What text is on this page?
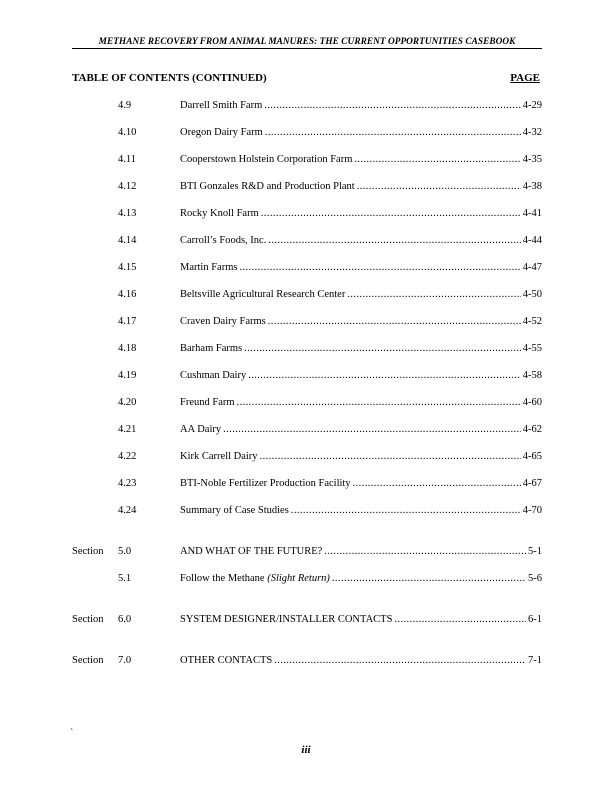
METHANE RECOVERY FROM ANIMAL MANURES: THE CURRENT OPPORTUNITIES CASEBOOK
TABLE OF CONTENTS (CONTINUED)	PAGE
4.9	Darrell Smith Farm .....	4-29
4.10	Oregon Dairy Farm .....	4-32
4.11	Cooperstown Holstein Corporation Farm .....	4-35
4.12	BTI Gonzales R&D and Production Plant .....	4-38
4.13	Rocky Knoll Farm .....	4-41
4.14	Carroll’s Foods, Inc. .....	4-44
4.15	Martin Farms .....	4-47
4.16	Beltsville Agricultural Research Center .....	4-50
4.17	Craven Dairy Farms .....	4-52
4.18	Barham Farms .....	4-55
4.19	Cushman Dairy .....	4-58
4.20	Freund Farm .....	4-60
4.21	AA Dairy .....	4-62
4.22	Kirk Carrell Dairy .....	4-65
4.23	BTI-Noble Fertilizer Production Facility .....	4-67
4.24	Summary of Case Studies .....	4-70
Section 5.0	AND WHAT OF THE FUTURE? .....	5-1
5.1	Follow the Methane (Slight Return) .....	5-6
Section 6.0	SYSTEM DESIGNER/INSTALLER CONTACTS .....	6-1
Section 7.0	OTHER CONTACTS .....	7-1
`
iii
